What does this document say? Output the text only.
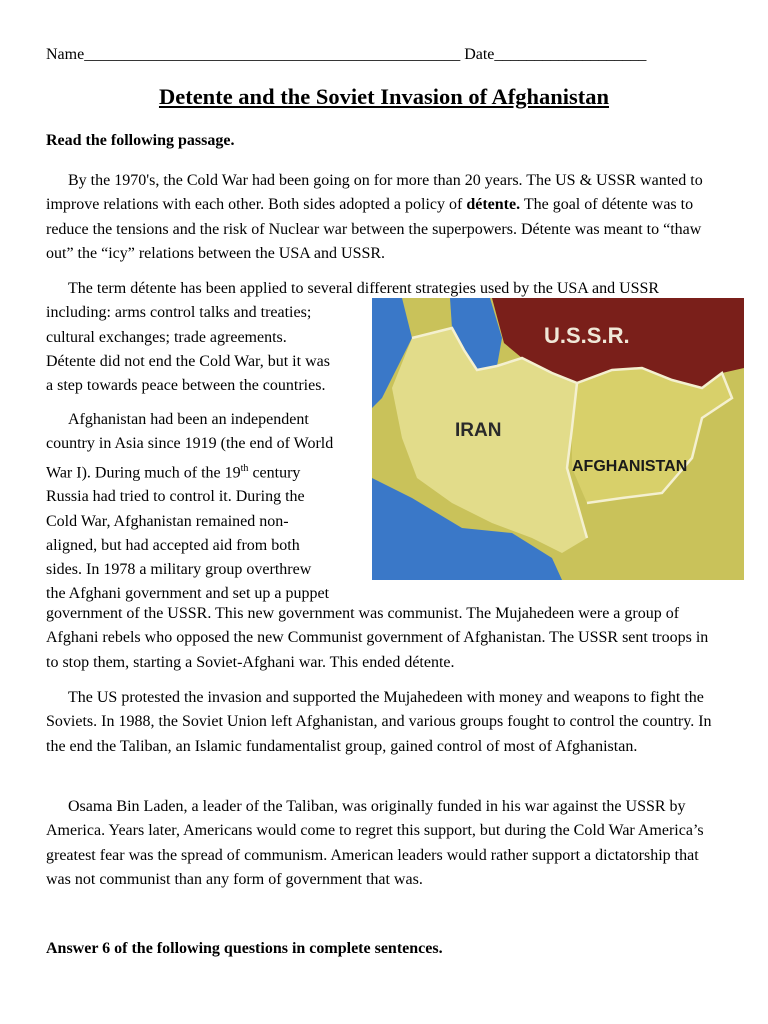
Name_______________________________________________ Date___________________
Detente and the Soviet Invasion of Afghanistan
Read the following passage.
By the 1970's, the Cold War had been going on for more than 20 years. The US & USSR wanted to improve relations with each other. Both sides adopted a policy of détente. The goal of détente was to reduce the tensions and the risk of Nuclear war between the superpowers. Détente was meant to “thaw out” the “icy” relations between the USA and USSR.

The term détente has been applied to several different strategies used by the USA and USSR

including: arms control talks and treaties;

cultural exchanges; trade agreements.

Détente did not end the Cold War, but it was

a step towards peace between the countries.

U.S.S.R.
IRAN
AFGHANISTAN

Afghanistan had been an independent

country in Asia since 1919 (the end of World

War I). During much of the 19th century

Russia had tried to control it. During the

Cold War, Afghanistan remained non-

aligned, but had accepted aid from both

sides. In 1978 a military group overthrew

the Afghani government and set up a puppet

government of the USSR. This new government was communist. The Mujahedeen were a group of Afghani rebels who opposed the new Communist government of Afghanistan. The USSR sent troops in to stop them, starting a Soviet-Afghani war. This ended détente.
The US protested the invasion and supported the Mujahedeen with money and weapons to fight the Soviets. In 1988, the Soviet Union left Afghanistan, and various groups fought to control the country. In the end the Taliban, an Islamic fundamentalist group, gained control of most of Afghanistan.
Osama Bin Laden, a leader of the Taliban, was originally funded in his war against the USSR by America. Years later, Americans would come to regret this support, but during the Cold War America’s greatest fear was the spread of communism. American leaders would rather support a dictatorship that was not communist than any form of government that was.
Answer 6 of the following questions in complete sentences.
